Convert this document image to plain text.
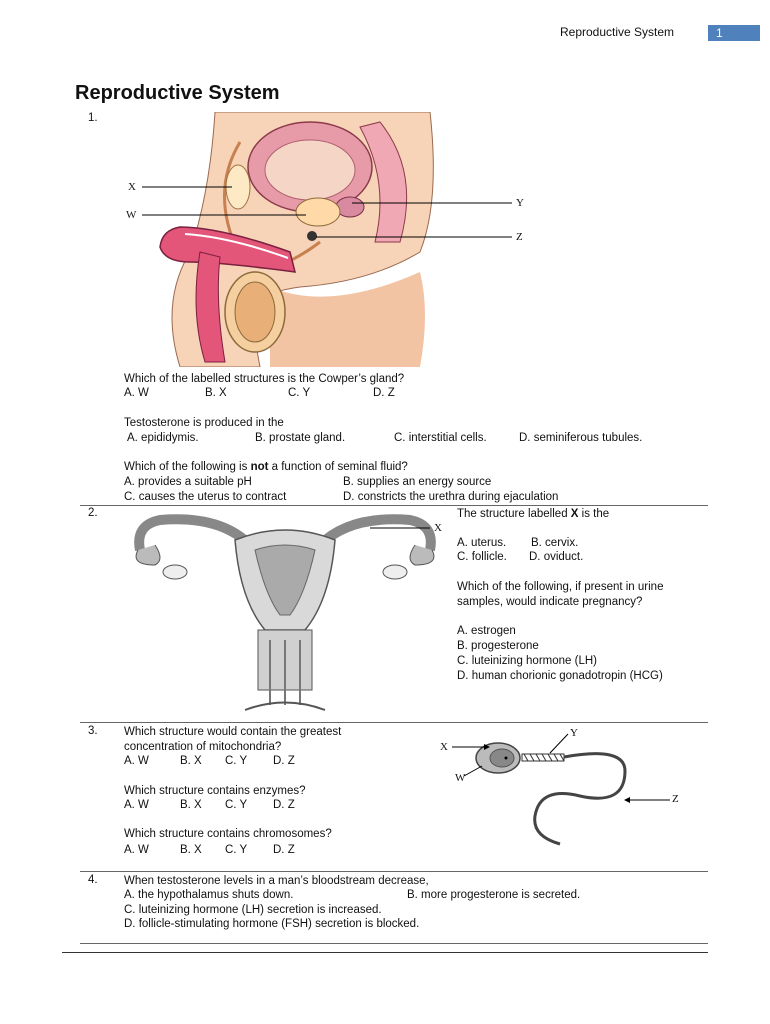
Reproductive System	1
Reproductive System
1.
X
W
Y
Z
Which of the labelled structures is the Cowper’s gland?
A. W	B. X	C. Y	D. Z
Testosterone is produced in the
A. epididymis.	B. prostate gland.	C. interstitial cells.	D. seminiferous tubules.
Which of the following is not a function of seminal fluid?
A. provides a suitable pH	B. supplies an energy source
C. causes the uterus to contract	D. constricts the urethra during ejaculation
2.
X
The structure labelled X is the
A. uterus. B. cervix.
C. follicle. D. oviduct.
Which of the following, if present in urine
samples, would indicate pregnancy?
A. estrogen
B. progesterone
C. luteinizing hormone (LH)
D. human chorionic gonadotropin (HCG)
3. Which structure would contain the greatest
concentration of mitochondria?
A. W	B. X C. Y D. Z
Which structure contains enzymes?
A. W	B. X C. Y D. Z
Which structure contains chromosomes?
A. W	B. X C. Y D. Z
X
W
Y
Z
4. When testosterone levels in a man’s bloodstream decrease,
A. the hypothalamus shuts down.	B. more progesterone is secreted.
C. luteinizing hormone (LH) secretion is increased.
D. follicle-stimulating hormone (FSH) secretion is blocked.
